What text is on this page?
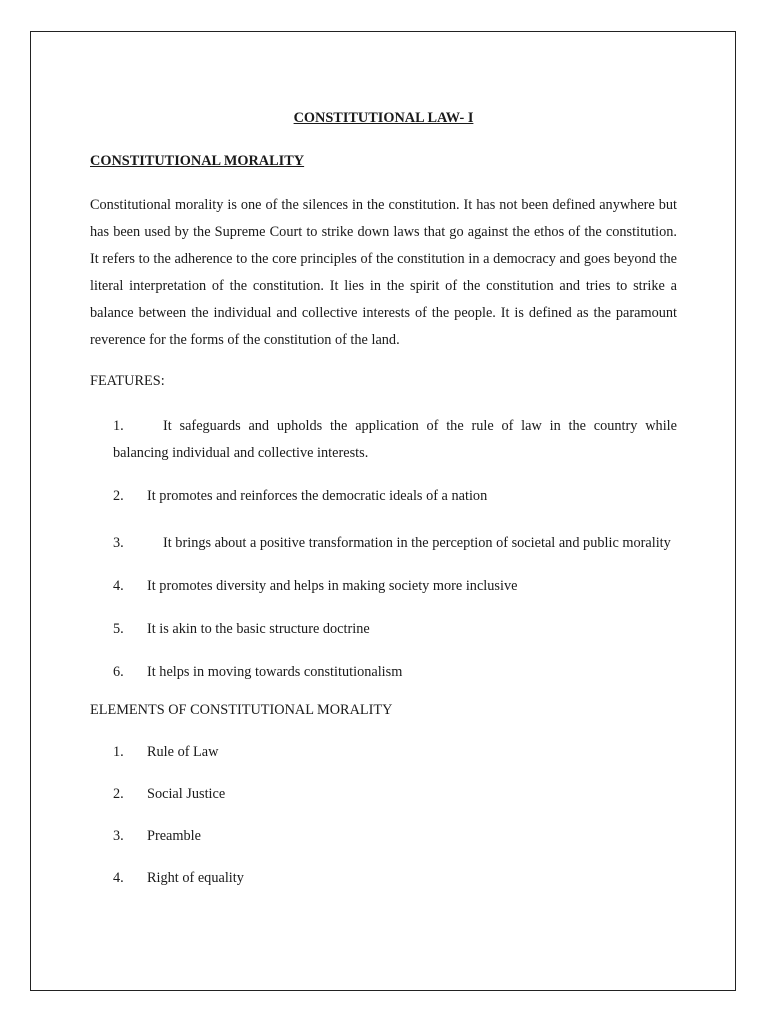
CONSTITUTIONAL LAW- I

CONSTITUTIONAL MORALITY

Constitutional morality is one of the silences in the constitution. It has not been defined anywhere but has been used by the Supreme Court to strike down laws that go against the ethos of the constitution. It refers to the adherence to the core principles of the constitution in a democracy and goes beyond the literal interpretation of the constitution. It lies in the spirit of the constitution and tries to strike a balance between the individual and collective interests of the people. It is defined as the paramount reverence for the forms of the constitution of the land.

FEATURES:

1.	It safeguards and upholds the application of the rule of law in the country while balancing individual and collective interests.
2. It promotes and reinforces the democratic ideals of a nation
3.	It brings about a positive transformation in the perception of societal and public morality
4. It promotes diversity and helps in making society more inclusive
5. It is akin to the basic structure doctrine
6. It helps in moving towards constitutionalism

ELEMENTS OF CONSTITUTIONAL MORALITY

1. Rule of Law
2. Social Justice
3. Preamble
4. Right of equality
